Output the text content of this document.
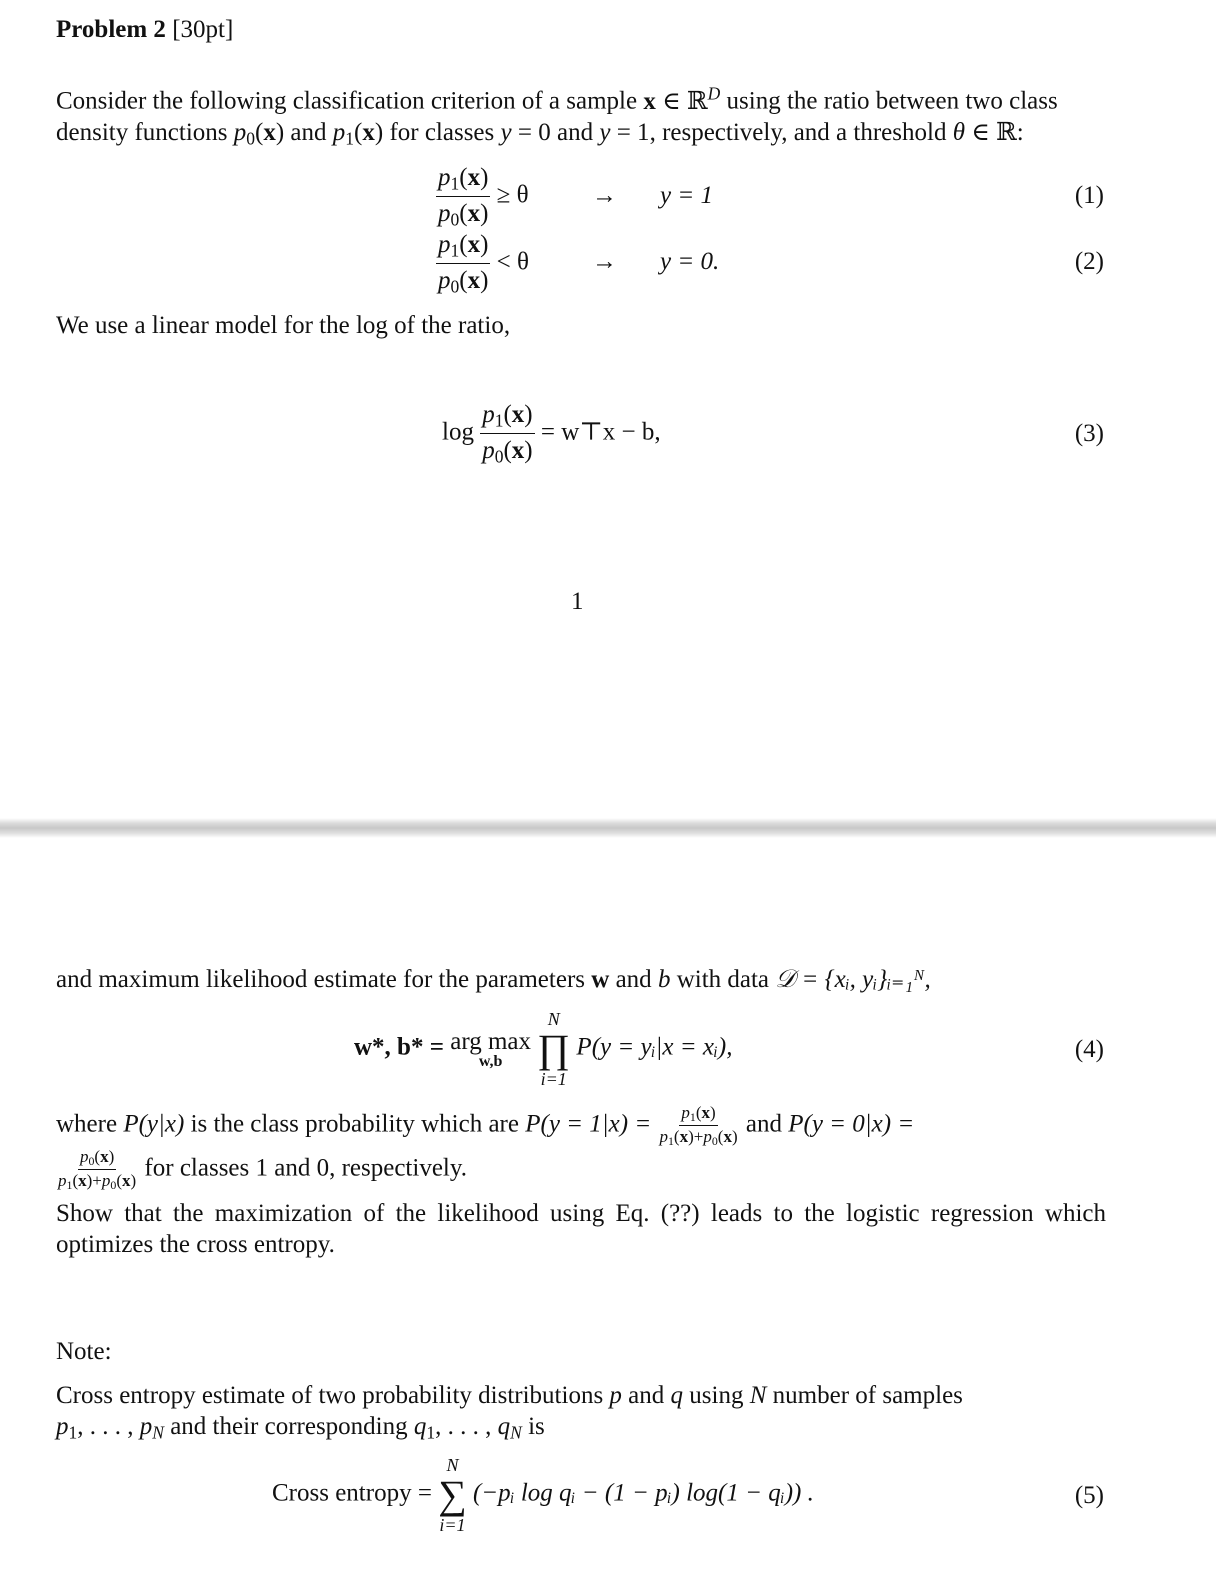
Problem 2 [30pt]
Consider the following classification criterion of a sample x ∈ ℝ$^D$ using the ratio between two class
density functions $p_0(x)$ and $p_1(x)$ for classes y = 0 and y = 1, respectively, and a threshold θ ∈ ℝ:
$\frac{p_1(x)}{p_0(x)} \ge \theta$	→ y = 1	(1)
$\frac{p_1(x)}{p_0(x)} < \theta$	→ y = 0.	(2)
We use a linear model for the log of the ratio,
$\log \frac{p_1(x)}{p_0(x)}$ = w⊤x − b,	(3)
1
and maximum likelihood estimate for the parameters w and b with data 𝒟 = {xᵢ, yᵢ}ᵢ₌₁ᴺ,
w*, b* = arg max
w,b

N
∏
i=1
P(y = yᵢ|x = xᵢ),	(4)
where P(y|x) is the class probability which are $P(y = 1|x) = \frac{p_1(x)}{p_1(x)+p_0(x)}$ and P(y = 0|x) =
$\frac{p_0(x)}{p_1(x)+p_0(x)}$ for classes 1 and 0, respectively.
Show that the maximization of the likelihood using Eq. (??) leads to the logistic regression which optimizes the cross entropy.
Note:
Cross entropy estimate of two probability distributions p and q using N number of samples
$p_1$, . . . , $p_N$ and their corresponding $q_1$, . . . , $q_N$ is
Cross entropy =
N
∑
i=1
(−pᵢ log qᵢ − (1 − pᵢ) log(1 − qᵢ)) .	(5)
